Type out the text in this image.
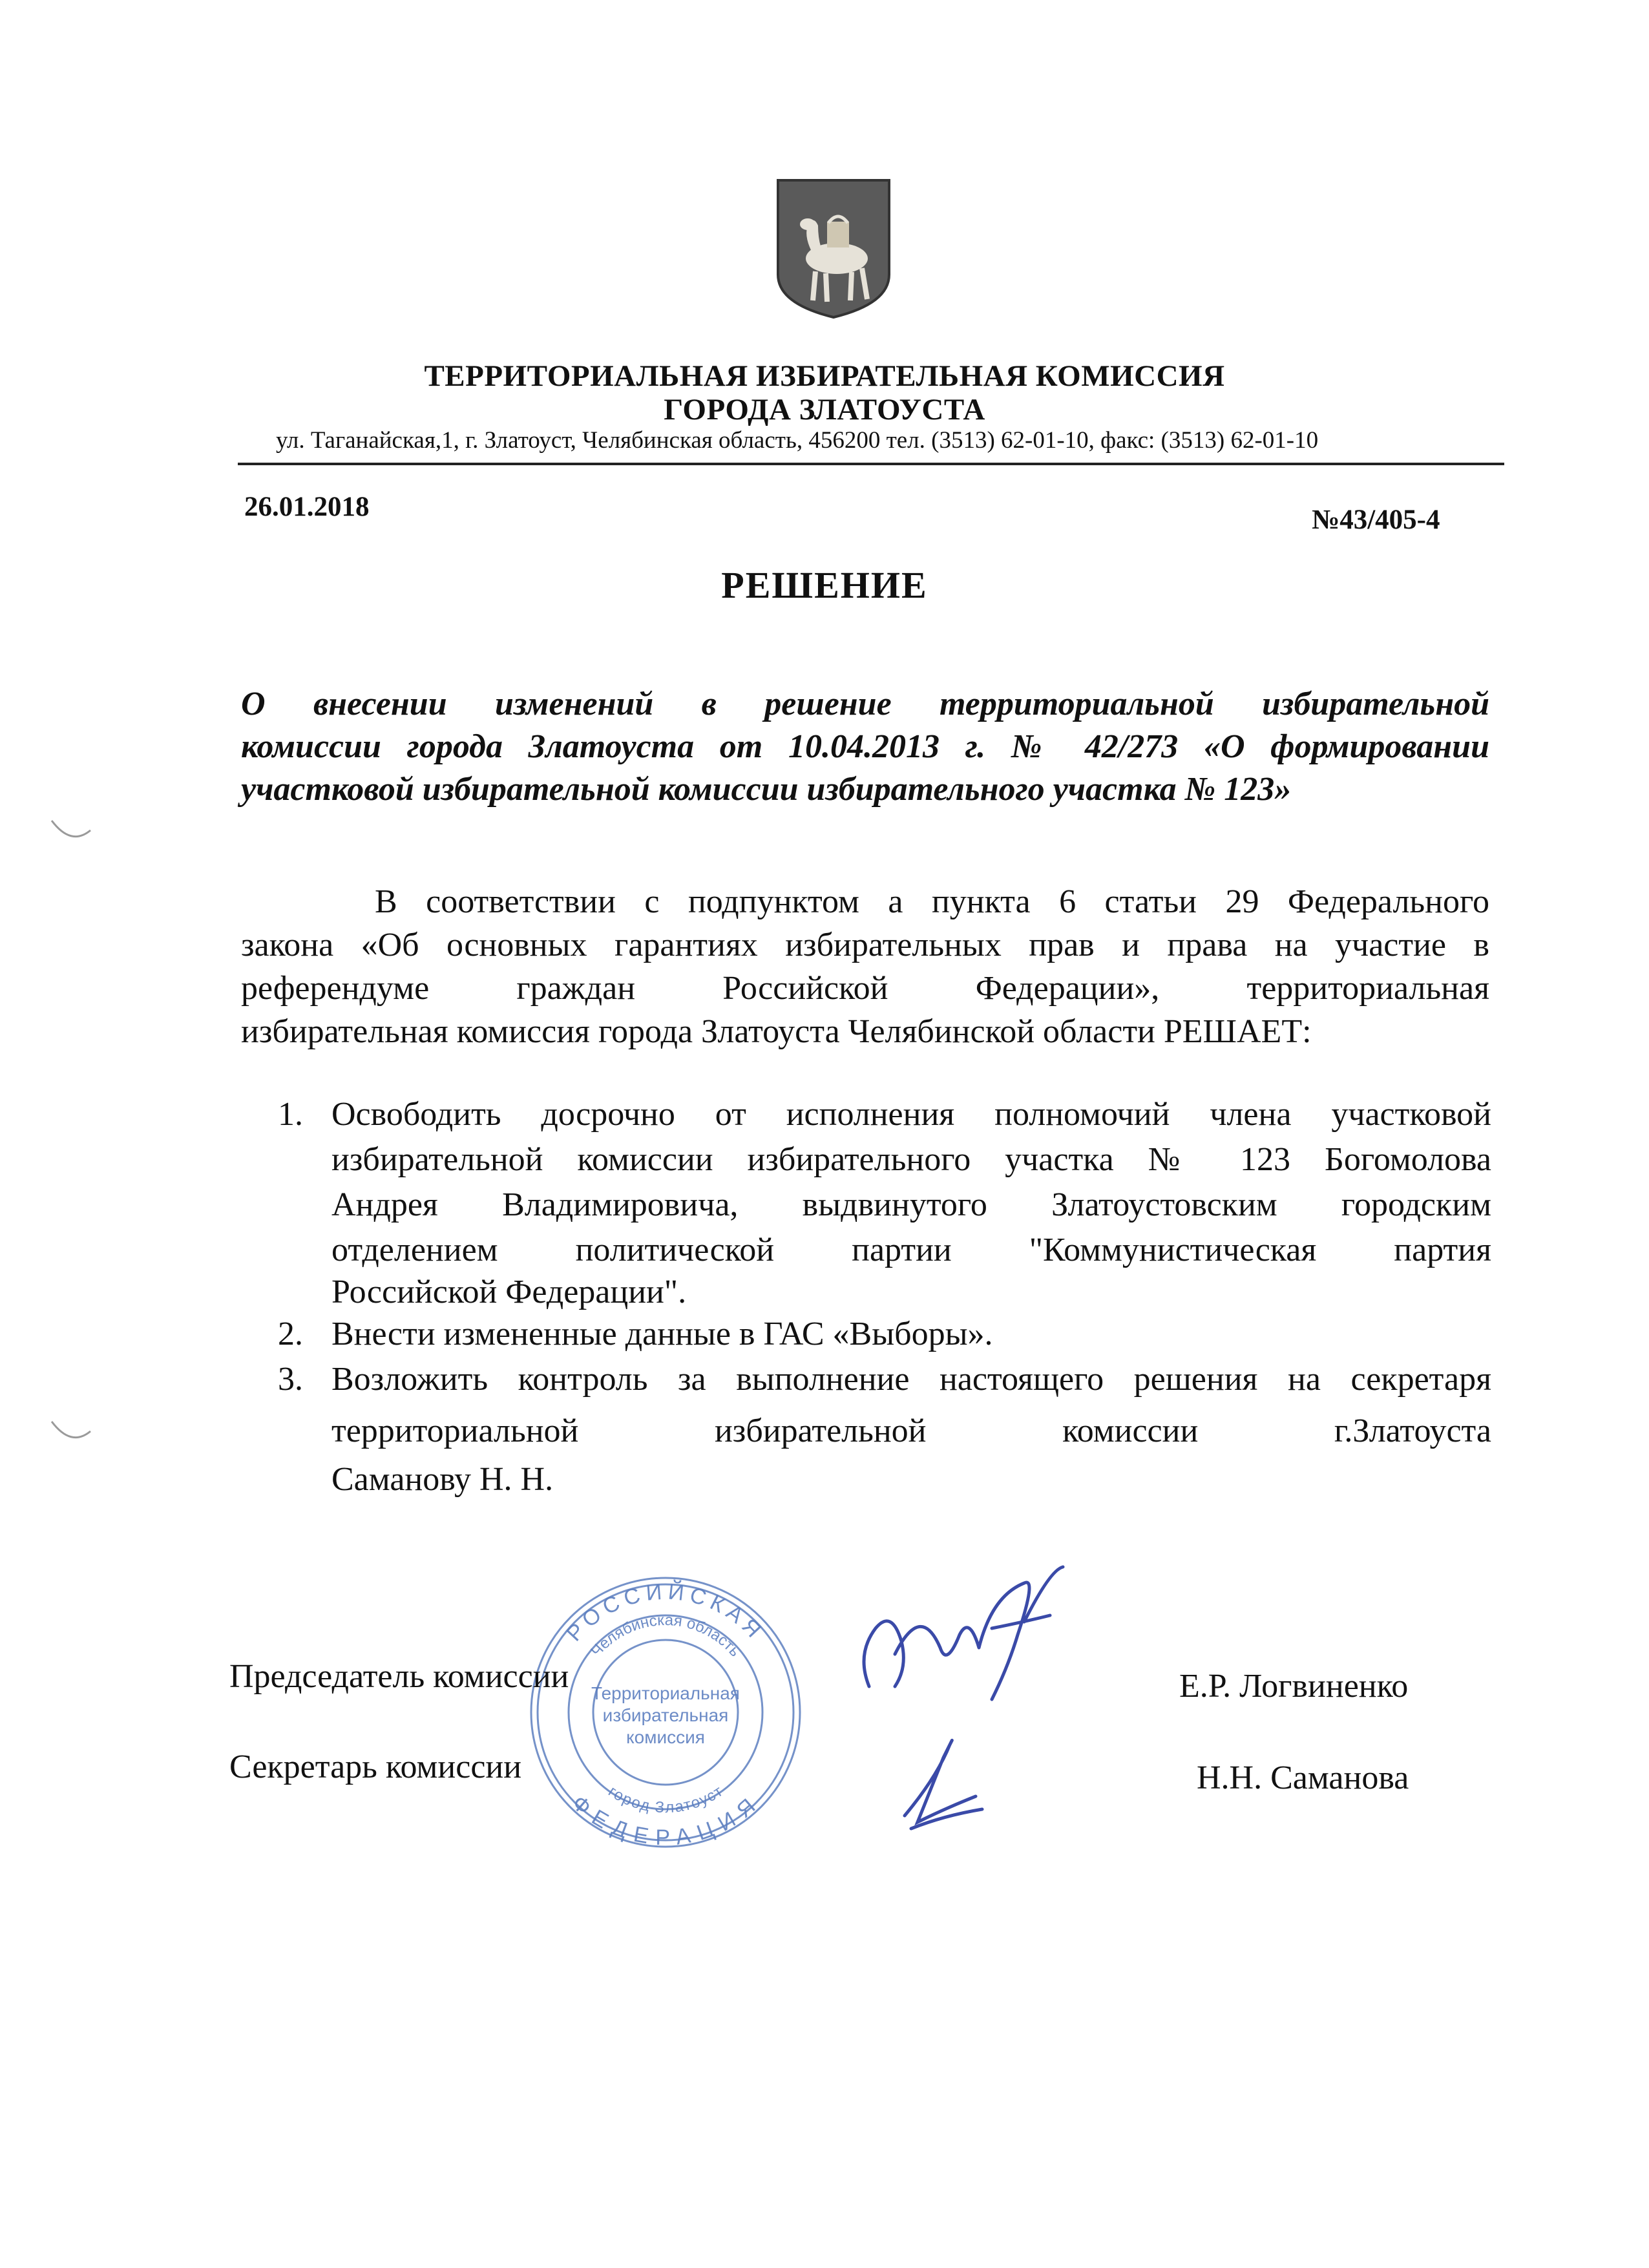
ТЕРРИТОРИАЛЬНАЯ ИЗБИРАТЕЛЬНАЯ КОМИССИЯ
ГОРОДА ЗЛАТОУСТА
ул. Таганайская,1, г. Златоуст, Челябинская область, 456200 тел. (3513) 62-01-10, факс: (3513) 62-01-10
26.01.2018	№43/405-4
РЕШЕНИЕ
О внесении изменений в решение территориальной избирательной
комиссии города Златоуста от 10.04.2013 г. № 42/273 «О формировании
участковой избирательной комиссии избирательного участка № 123»
В соответствии с подпунктом а пункта 6 статьи 29 Федерального
закона «Об основных гарантиях избирательных прав и права на участие в
референдуме граждан Российской Федерации», территориальная
избирательная комиссия города Златоуста Челябинской области РЕШАЕТ:
1. Освободить досрочно от исполнения полномочий члена участковой
избирательной комиссии избирательного участка № 123 Богомолова
Андрея Владимировича, выдвинутого Златоустовским городским
отделением политической партии "Коммунистическая партия
Российской Федерации".
2. Внести измененные данные в ГАС «Выборы».
3. Возложить контроль за выполнение настоящего решения на секретаря
территориальной избирательной комиссии г.Златоуста
Саманову Н. Н.
РОССИЙСКАЯ
ФЕДЕРАЦИЯ
Челябинская область
город Златоуст
Территориальная
избирательная
комиссия
Председатель комиссии	Е.Р. Логвиненко
Секретарь комиссии	Н.Н. Саманова
